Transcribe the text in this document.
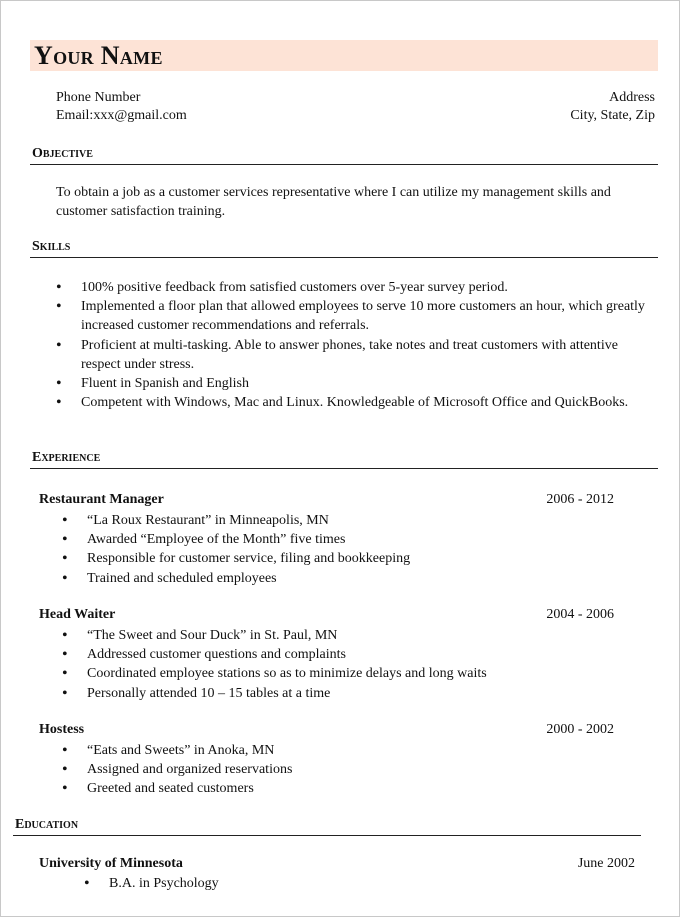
Your Name
Phone Number
Email:xxx@gmail.com
Address
City, State, Zip
Objective
To obtain a job as a customer services representative where I can utilize my management skills and customer satisfaction training.
Skills
• 100% positive feedback from satisfied customers over 5-year survey period.
• Implemented a floor plan that allowed employees to serve 10 more customers an hour, which greatly increased customer recommendations and referrals.
• Proficient at multi-tasking. Able to answer phones, take notes and treat customers with attentive respect under stress.
• Fluent in Spanish and English
• Competent with Windows, Mac and Linux. Knowledgeable of Microsoft Office and QuickBooks.
Experience
Restaurant Manager	2006 - 2012
• “La Roux Restaurant” in Minneapolis, MN
• Awarded “Employee of the Month” five times
• Responsible for customer service, filing and bookkeeping
• Trained and scheduled employees
Head Waiter	2004 - 2006
• “The Sweet and Sour Duck” in St. Paul, MN
• Addressed customer questions and complaints
• Coordinated employee stations so as to minimize delays and long waits
• Personally attended 10 – 15 tables at a time
Hostess	2000 - 2002
• “Eats and Sweets” in Anoka, MN
• Assigned and organized reservations
• Greeted and seated customers
Education
University of Minnesota	June 2002
• B.A. in Psychology
